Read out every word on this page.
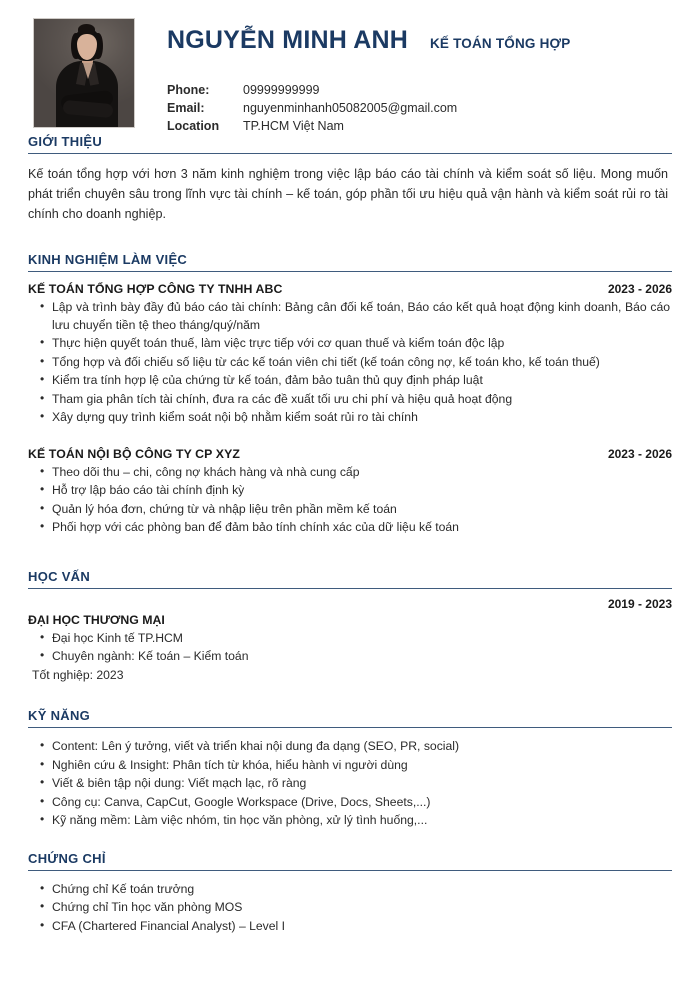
NGUYỄN MINH ANH KẾ TOÁN TỔNG HỢP
Phone:	09999999999
Email:	nguyenminhanh05082005@gmail.com
Location	TP.HCM Việt Nam
GIỚI THIỆU
Kế toán tổng hợp với hơn 3 năm kinh nghiệm trong việc lập báo cáo tài chính và kiểm soát số liệu. Mong muốn phát triển chuyên sâu trong lĩnh vực tài chính – kế toán, góp phần tối ưu hiệu quả vận hành và kiểm soát rủi ro tài chính cho doanh nghiệp.
KINH NGHIỆM LÀM VIỆC
KẾ TOÁN TỔNG HỢP CÔNG TY TNHH ABC	2023 - 2026
• Lập và trình bày đầy đủ báo cáo tài chính: Bảng cân đối kế toán, Báo cáo kết quả hoạt động kinh doanh, Báo cáo lưu chuyển tiền tệ theo tháng/quý/năm
• Thực hiện quyết toán thuế, làm việc trực tiếp với cơ quan thuế và kiểm toán độc lập
• Tổng hợp và đối chiếu số liệu từ các kế toán viên chi tiết (kế toán công nợ, kế toán kho, kế toán thuế)
• Kiểm tra tính hợp lệ của chứng từ kế toán, đảm bảo tuân thủ quy định pháp luật
• Tham gia phân tích tài chính, đưa ra các đề xuất tối ưu chi phí và hiệu quả hoạt động
• Xây dựng quy trình kiểm soát nội bộ nhằm kiểm soát rủi ro tài chính
KẾ TOÁN NỘI BỘ CÔNG TY CP XYZ	2023 - 2026
• Theo dõi thu – chi, công nợ khách hàng và nhà cung cấp
• Hỗ trợ lập báo cáo tài chính định kỳ
• Quản lý hóa đơn, chứng từ và nhập liệu trên phần mềm kế toán
• Phối hợp với các phòng ban để đảm bảo tính chính xác của dữ liệu kế toán
HỌC VẤN
2019 - 2023
ĐẠI HỌC THƯƠNG MẠI
• Đại học Kinh tế TP.HCM
• Chuyên ngành: Kế toán – Kiểm toán
Tốt nghiệp: 2023
KỸ NĂNG
• Content: Lên ý tưởng, viết và triển khai nội dung đa dạng (SEO, PR, social)
• Nghiên cứu & Insight: Phân tích từ khóa, hiểu hành vi người dùng
• Viết & biên tập nội dung: Viết mạch lạc, rõ ràng
• Công cụ: Canva, CapCut, Google Workspace (Drive, Docs, Sheets,...)
• Kỹ năng mềm: Làm việc nhóm, tin học văn phòng, xử lý tình huống,...
CHỨNG CHỈ
• Chứng chỉ Kế toán trưởng
• Chứng chỉ Tin học văn phòng MOS
• CFA (Chartered Financial Analyst) – Level I
